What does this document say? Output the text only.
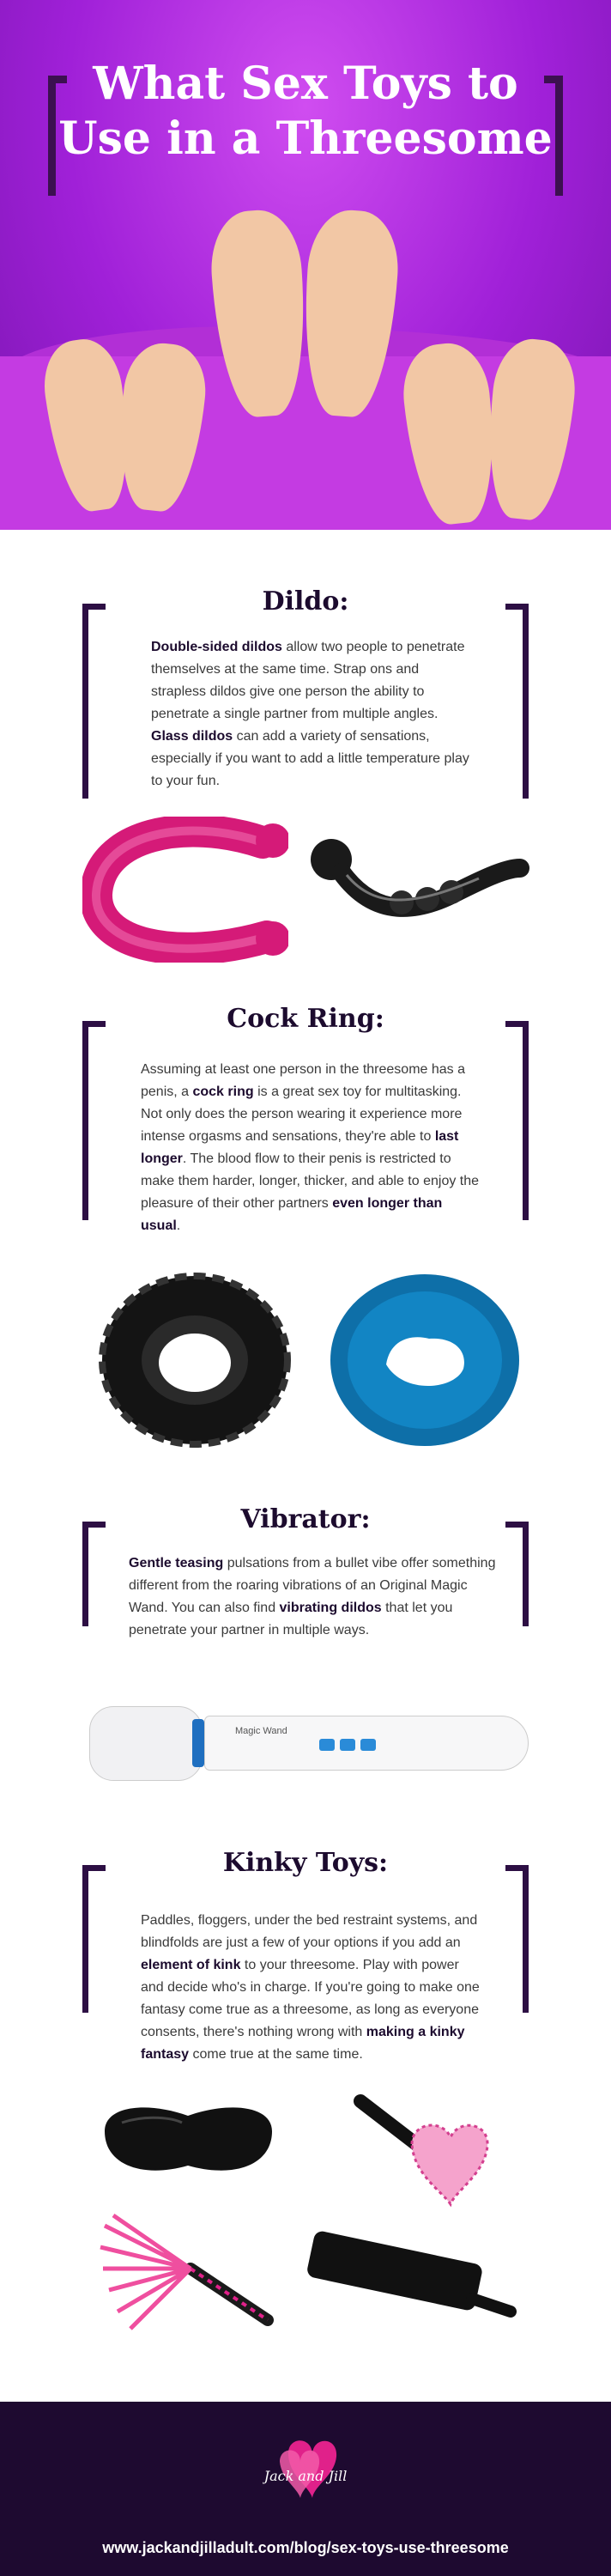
What Sex Toys to
Use in a Threesome
Dildo:
Double-sided dildos allow two people to penetrate themselves at the same time. Strap ons and strapless dildos give one person the ability to penetrate a single partner from multiple angles. Glass dildos can add a variety of sensations, especially if you want to add a little temperature play to your fun.
Cock Ring:
Assuming at least one person in the threesome has a penis, a cock ring is a great sex toy for multitasking. Not only does the person wearing it experience more intense orgasms and sensations, they're able to last longer. The blood flow to their penis is restricted to make them harder, longer, thicker, and able to enjoy the pleasure of their other partners even longer than usual.
Vibrator:
Gentle teasing pulsations from a bullet vibe offer something different from the roaring vibrations of an Original Magic Wand. You can also find vibrating dildos that let you penetrate your partner in multiple ways.
Magic Wand
Kinky Toys:
Paddles, floggers, under the bed restraint systems, and blindfolds are just a few of your options if you add an element of kink to your threesome. Play with power and decide who's in charge. If you're going to make one fantasy come true as a threesome, as long as everyone consents, there's nothing wrong with making a kinky fantasy come true at the same time.
Jack and Jill
www.jackandjilladult.com/blog/sex-toys-use-threesome
